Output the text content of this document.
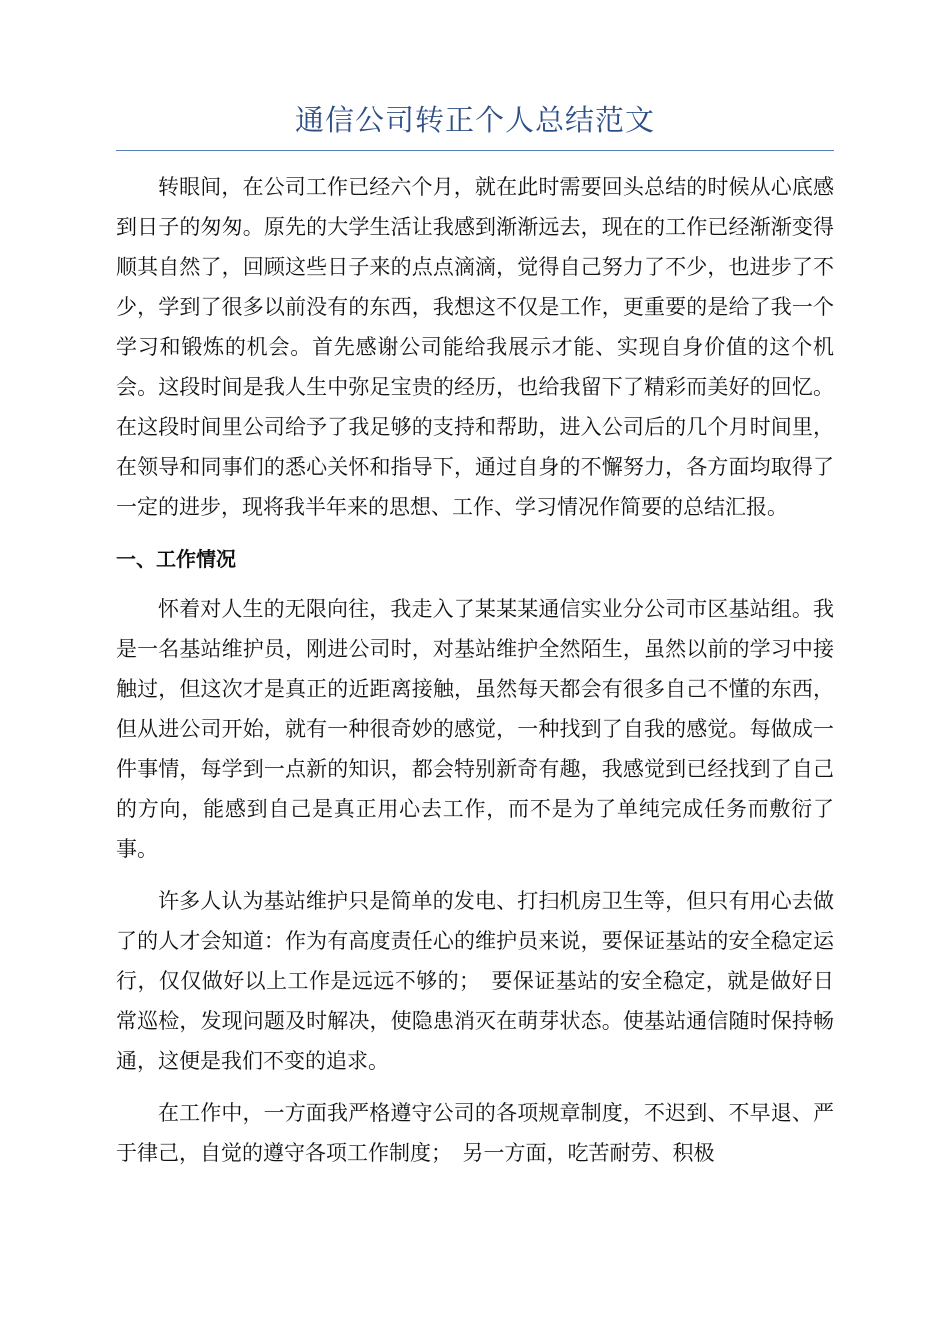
通信公司转正个人总结范文

转眼间，在公司工作已经六个月，就在此时需要回头总结的时候从心底感到日子的匆匆。原先的大学生活让我感到渐渐远去，现在的工作已经渐渐变得顺其自然了，回顾这些日子来的点点滴滴，觉得自己努力了不少，也进步了不少，学到了很多以前没有的东西，我想这不仅是工作，更重要的是给了我一个学习和锻炼的机会。首先感谢公司能给我展示才能、实现自身价值的这个机会。这段时间是我人生中弥足宝贵的经历，也给我留下了精彩而美好的回忆。在这段时间里公司给予了我足够的支持和帮助，进入公司后的几个月时间里，在领导和同事们的悉心关怀和指导下，通过自身的不懈努力，各方面均取得了一定的进步，现将我半年来的思想、工作、学习情况作简要的总结汇报。

一、工作情况

怀着对人生的无限向往，我走入了某某某通信实业分公司市区基站组。我是一名基站维护员，刚进公司时，对基站维护全然陌生，虽然以前的学习中接触过，但这次才是真正的近距离接触，虽然每天都会有很多自己不懂的东西，但从进公司开始，就有一种很奇妙的感觉，一种找到了自我的感觉。每做成一件事情，每学到一点新的知识，都会特别新奇有趣，我感觉到已经找到了自己的方向，能感到自己是真正用心去工作，而不是为了单纯完成任务而敷衍了事。

许多人认为基站维护只是简单的发电、打扫机房卫生等，但只有用心去做了的人才会知道：作为有高度责任心的维护员来说，要保证基站的安全稳定运行，仅仅做好以上工作是远远不够的；　要保证基站的安全稳定，就是做好日常巡检，发现问题及时解决，使隐患消灭在萌芽状态。使基站通信随时保持畅通，这便是我们不变的追求。

在工作中，一方面我严格遵守公司的各项规章制度，不迟到、不早退、严于律己，自觉的遵守各项工作制度；　另一方面，吃苦耐劳、积极
